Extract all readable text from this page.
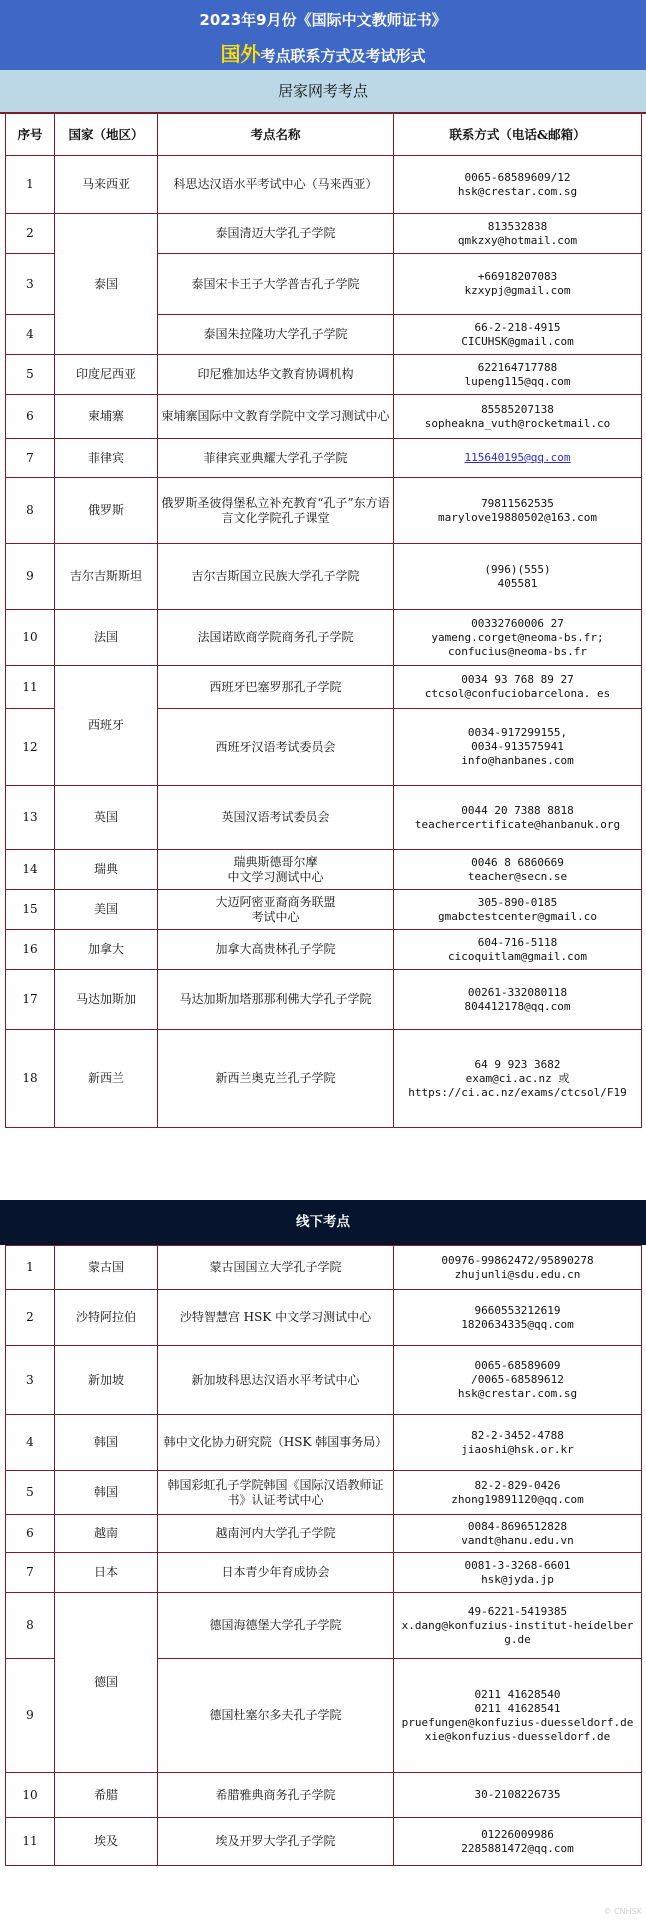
2023年9月份《国际中文教师证书》
国外考点联系方式及考试形式
居家网考考点
序号	国家（地区）	考点名称	联系方式（电话&邮箱）
1	马来西亚	科思达汉语水平考试中心（马来西亚）	0065-68589609/12
hsk@crestar.com.sg
2	泰国	泰国清迈大学孔子学院	813532838
qmkzxy@hotmail.com
3		泰国宋卡王子大学普吉孔子学院	+66918207083
kzxypj@gmail.com
4		泰国朱拉隆功大学孔子学院	66-2-218-4915
CICUHSK@gmail.com
5	印度尼西亚	印尼雅加达华文教育协调机构	622164717788
lupeng115@qq.com
6	柬埔寨	柬埔寨国际中文教育学院中文学习测试中心	85585207138
sopheakna_vuth@rocketmail.co
7	菲律宾	菲律宾亚典耀大学孔子学院	115640195@qq.com
8	俄罗斯	俄罗斯圣彼得堡私立补充教育“孔子”东方语言文化学院孔子课堂	79811562535
marylove19880502@163.com
9	吉尔吉斯斯坦	吉尔吉斯国立民族大学孔子学院	(996)(555)
405581
10	法国	法国诺欧商学院商务孔子学院	00332760006 27
yameng.corget@neoma-bs.fr;
confucius@neoma-bs.fr
11	西班牙	西班牙巴塞罗那孔子学院	0034 93 768 89 27
ctcsol@confuciobarcelona. es
12		西班牙汉语考试委员会	0034-917299155,
0034-913575941
info@hanbanes.com
13	英国	英国汉语考试委员会	0044 20 7388 8818
teachercertificate@hanbanuk.org
14	瑞典	瑞典斯德哥尔摩
中文学习测试中心	0046 8 6860669
teacher@secn.se
15	美国	大迈阿密亚裔商务联盟
考试中心	305-890-0185
gmabctestcenter@gmail.co
16	加拿大	加拿大高贵林孔子学院	604-716-5118
cicoquitlam@gmail.com
17	马达加斯加	马达加斯加塔那那利佛大学孔子学院	00261-332080118
804412178@qq.com
18	新西兰	新西兰奥克兰孔子学院	64 9 923 3682
exam@ci.ac.nz 或
https://ci.ac.nz/exams/ctcsol/F19
线下考点
1	蒙古国	蒙古国国立大学孔子学院	00976-99862472/95890278
zhujunli@sdu.edu.cn
2	沙特阿拉伯	沙特智慧宫 HSK 中文学习测试中心	9660553212619
1820634335@qq.com
3	新加坡	新加坡科思达汉语水平考试中心	0065-68589609
/0065-68589612
hsk@crestar.com.sg
4	韩国	韩中文化协力研究院（HSK 韩国事务局）	82-2-3452-4788
jiaoshi@hsk.or.kr
5	韩国	韩国彩虹孔子学院韩国《国际汉语教师证书》认证考试中心	82-2-829-0426
zhong19891120@qq.com
6	越南	越南河内大学孔子学院	0084-8696512828
vandt@hanu.edu.vn
7	日本	日本青少年育成协会	0081-3-3268-6601
hsk@jyda.jp
8	德国	德国海德堡大学孔子学院	49-6221-5419385
x.dang@konfuzius-institut-heidelberg.de
9		德国杜塞尔多夫孔子学院	0211 41628540
0211 41628541
pruefungen@konfuzius-duesseldorf.de
xie@konfuzius-duesseldorf.de
10	希腊	希腊雅典商务孔子学院	30-2108226735
11	埃及	埃及开罗大学孔子学院	01226009986
2285881472@qq.com
© CNHSK
